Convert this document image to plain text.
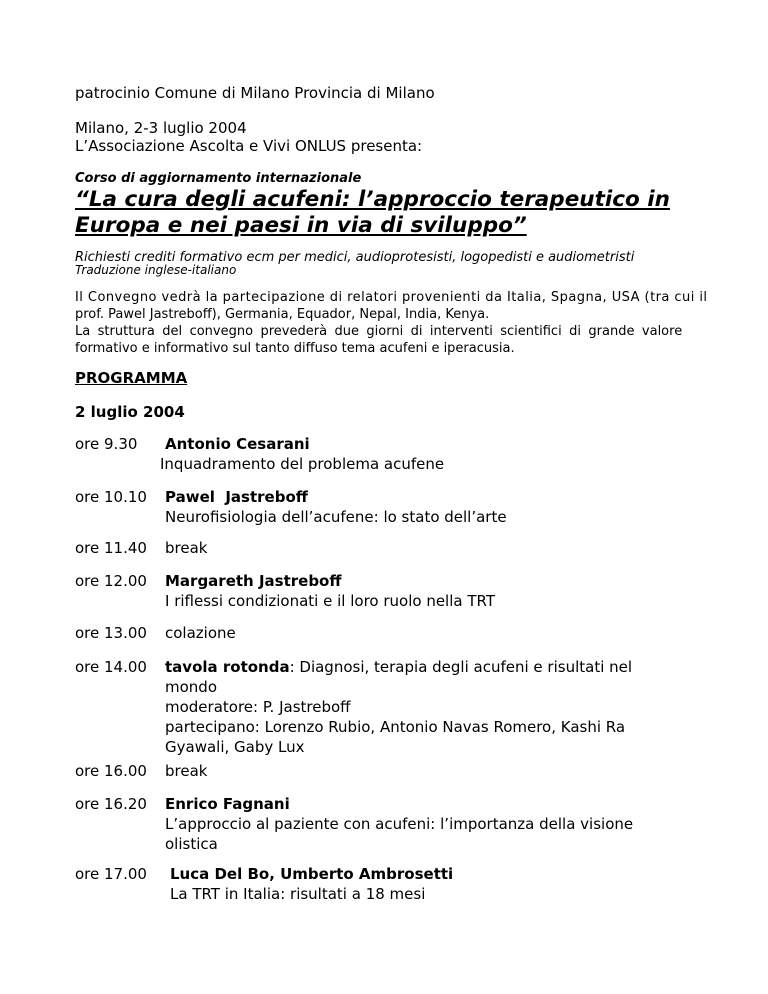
patrocinio Comune di Milano Provincia di Milano
Milano, 2-3 luglio 2004
L’Associazione Ascolta e Vivi ONLUS presenta:
Corso di aggiornamento internazionale
“La cura degli acufeni: l’approccio terapeutico in
Europa e nei paesi in via di sviluppo”
Richiesti crediti formativo ecm per medici, audioprotesisti, logopedisti e audiometristi
Traduzione inglese-italiano
Il Convegno vedrà la partecipazione di relatori provenienti da Italia, Spagna, USA (tra cui il
prof. Pawel Jastreboff), Germania, Equador, Nepal, India, Kenya.
La struttura del convegno prevederà due giorni di interventi scientifici di grande valore
formativo e informativo sul tanto diffuso tema acufeni e iperacusia.
PROGRAMMA
2 luglio 2004
ore 9.30 Antonio Cesarani
Inquadramento del problema acufene
ore 10.10 Pawel  Jastreboff
Neurofisiologia dell’acufene: lo stato dell’arte
ore 11.40 break
ore 12.00 Margareth Jastreboff
I riflessi condizionati e il loro ruolo nella TRT
ore 13.00 colazione
ore 14.00 tavola rotonda: Diagnosi, terapia degli acufeni e risultati nel
mondo
moderatore: P. Jastreboff
partecipano: Lorenzo Rubio, Antonio Navas Romero, Kashi Ra
Gyawali, Gaby Lux
ore 16.00 break
ore 16.20 Enrico Fagnani
L’approccio al paziente con acufeni: l’importanza della visione
olistica
ore 17.00 Luca Del Bo, Umberto Ambrosetti
La TRT in Italia: risultati a 18 mesi
